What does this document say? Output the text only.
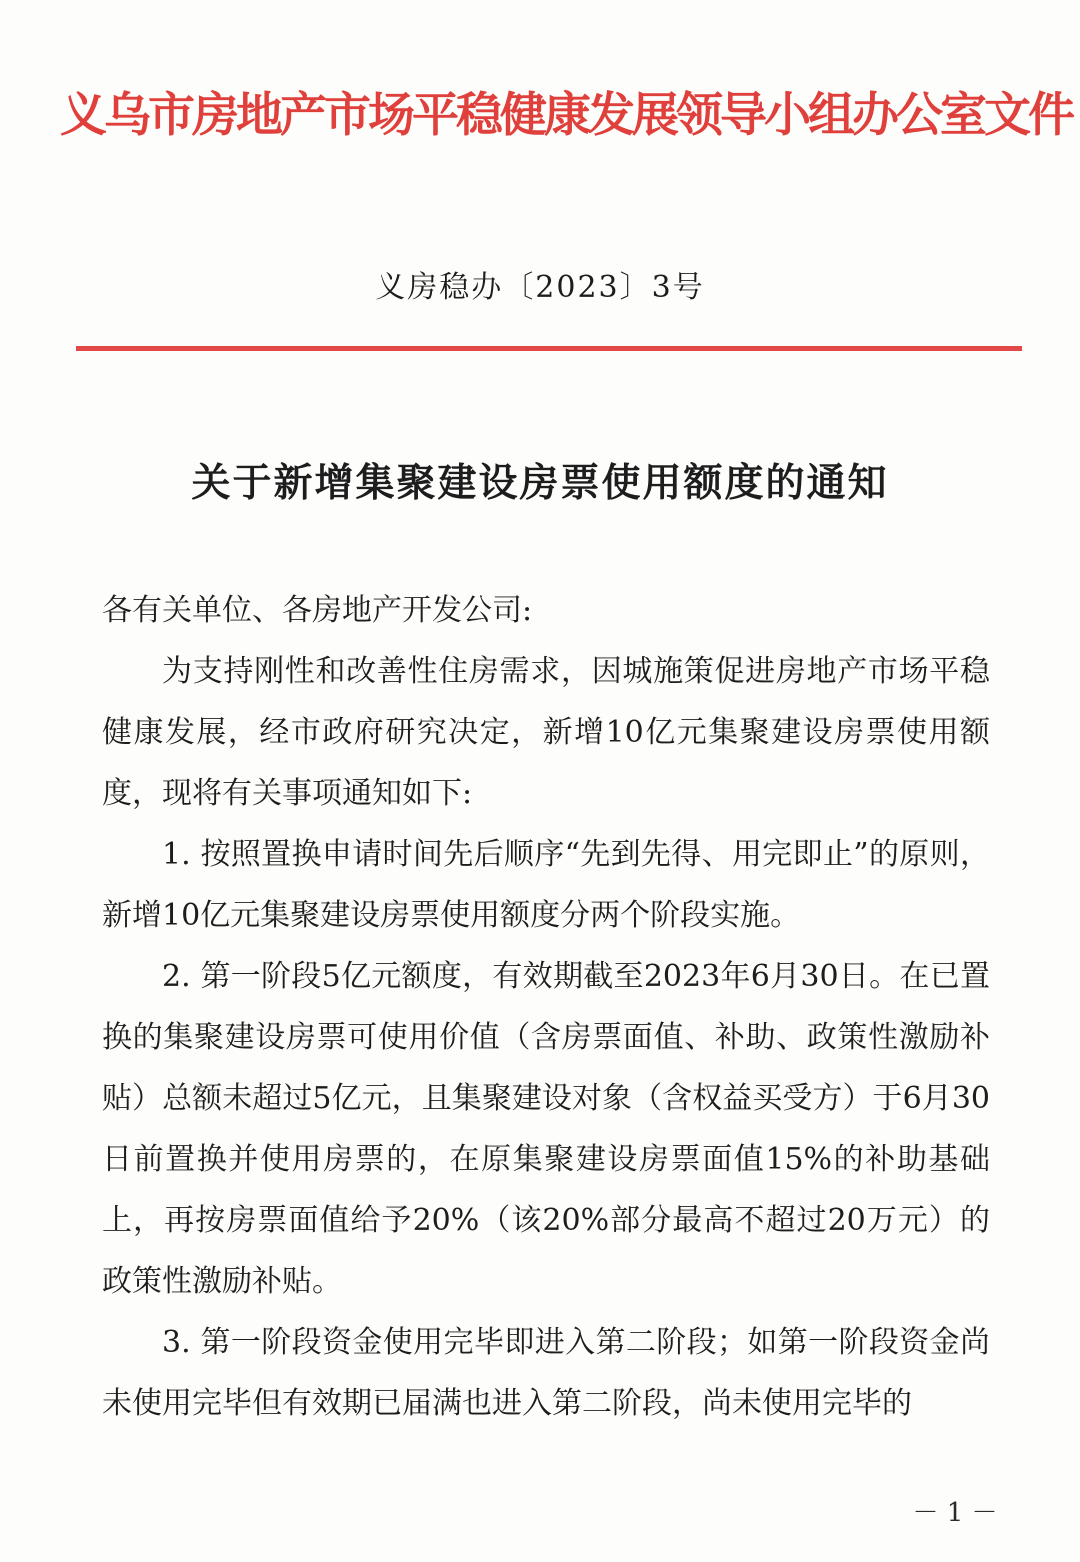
义乌市房地产市场平稳健康发展领导小组办公室文件
义房稳办〔2023〕3号
关于新增集聚建设房票使用额度的通知

各有关单位、各房地产开发公司:

为支持刚性和改善性住房需求，因城施策促进房地产市场平稳健康发展，经市政府研究决定，新增10亿元集聚建设房票使用额度，现将有关事项通知如下:

1. 按照置换申请时间先后顺序“先到先得、用完即止”的原则，新增10亿元集聚建设房票使用额度分两个阶段实施。

2. 第一阶段5亿元额度，有效期截至2023年6月30日。在已置换的集聚建设房票可使用价值（含房票面值、补助、政策性激励补贴）总额未超过5亿元，且集聚建设对象（含权益买受方）于6月30日前置换并使用房票的，在原集聚建设房票面值15%的补助基础上，再按房票面值给予20%（该20%部分最高不超过20万元）的政策性激励补贴。

3. 第一阶段资金使用完毕即进入第二阶段；如第一阶段资金尚未使用完毕但有效期已届满也进入第二阶段，尚未使用完毕的

－ 1 －
